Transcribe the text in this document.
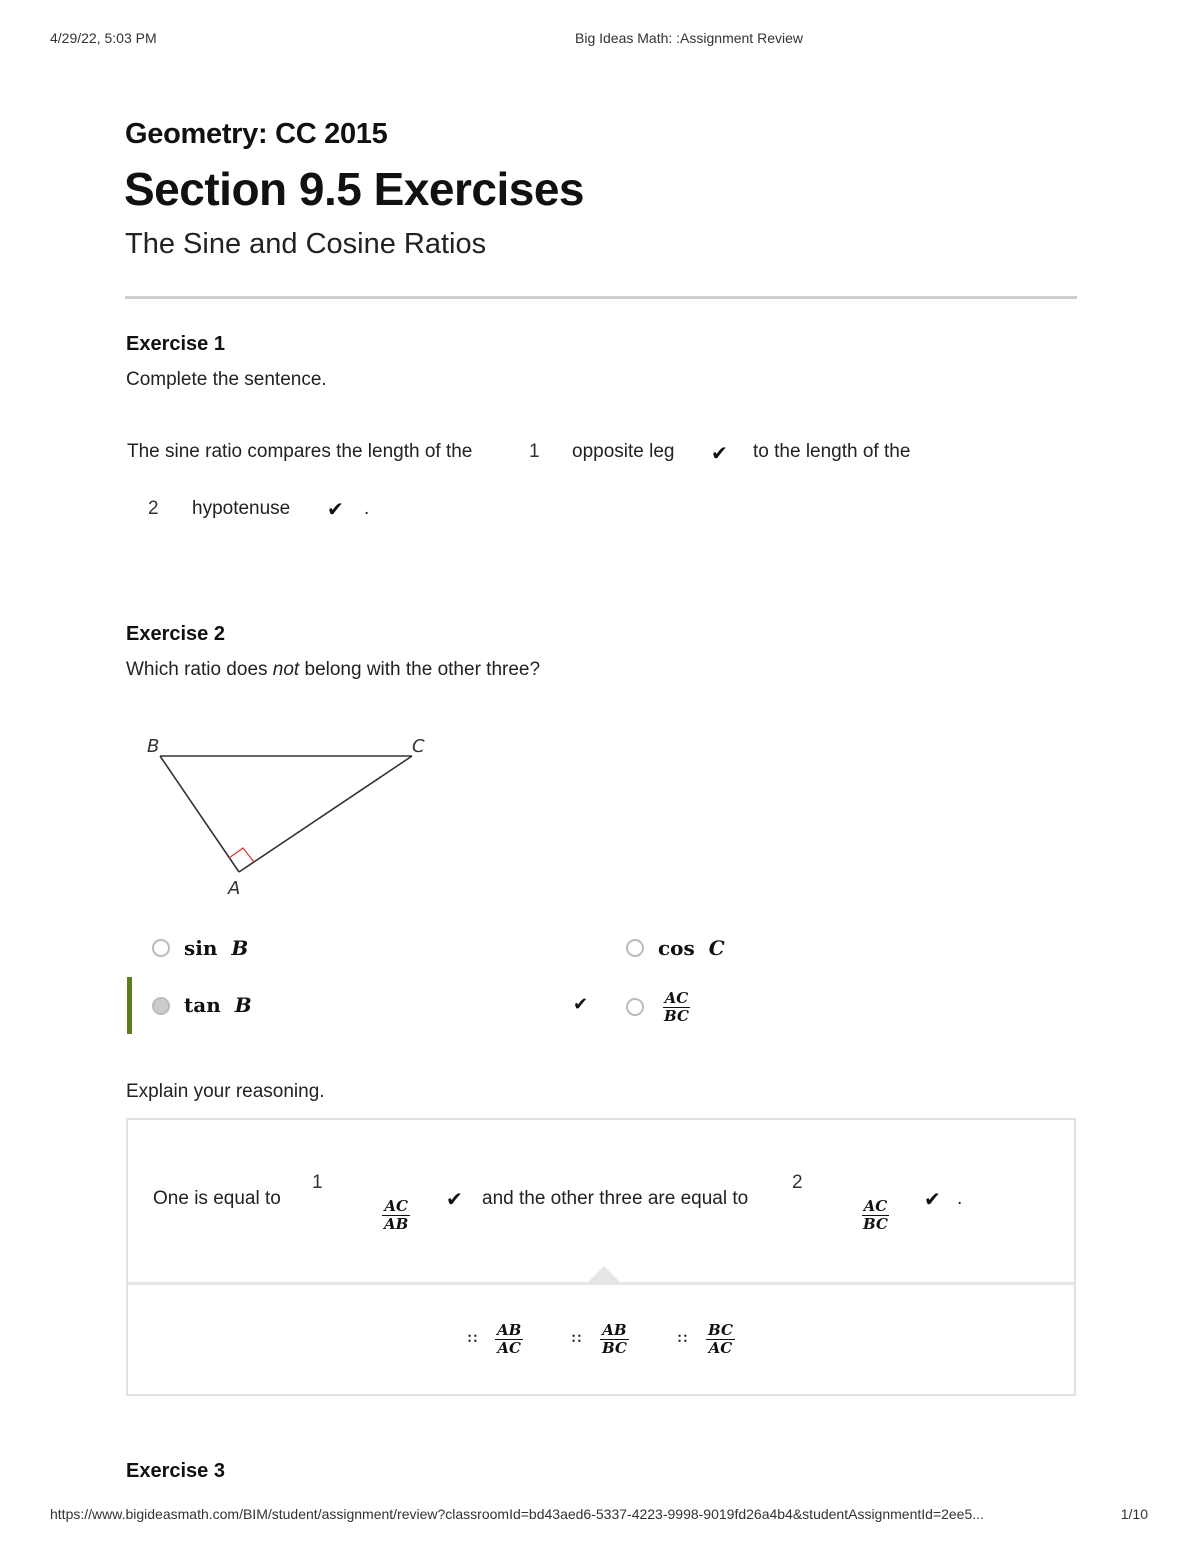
4/29/22, 5:03 PM	Big Ideas Math: :Assignment Review
Geometry: CC 2015
Section 9.5 Exercises
The Sine and Cosine Ratios
Exercise 1
Complete the sentence.
The sine ratio compares the length of the	1 opposite leg ✔ to the length of the
2 hypotenuse ✔ .
Exercise 2
Which ratio does not belong with the other three?
B	C
A
sin B	cos C
tan B	✔	$\frac{AC}{BC}$
Explain your reasoning.
One is equal to
1
$\frac{AC}{AB}$ ✔ and the other three are equal to
2
$\frac{AC}{BC}$ ✔ .
∷ $\frac{AB}{AC}$	∷ $\frac{AB}{BC}$	∷ $\frac{BC}{AC}$
Exercise 3
https://www.bigideasmath.com/BIM/student/assignment/review?classroomId=bd43aed6-5337-4223-9998-9019fd26a4b4&studentAssignmentId=2ee5...	1/10
